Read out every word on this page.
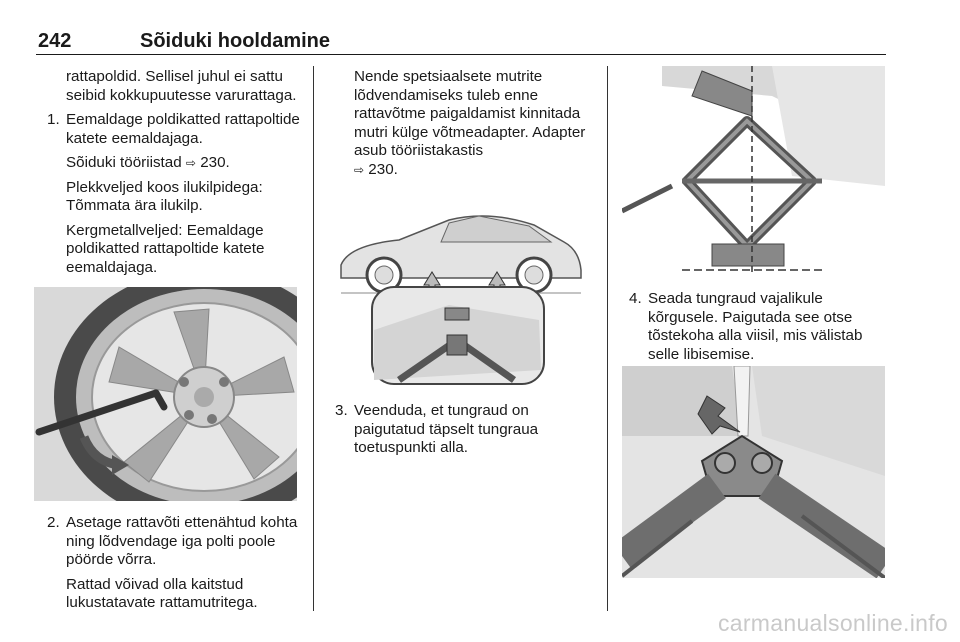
242	Sõiduki hooldamine

rattapoldid. Sellisel juhul ei sattu seibid kokkupuutesse varurattaga.

1. Eemaldage poldikatted rattapoltide katete eemaldajaga.

Sõiduki tööriistad ⇨ 230.

Plekkveljed koos ilukilpidega: Tõmmata ära ilukilp.

Kergmetallveljed: Eemaldage poldikatted rattapoltide katete eemaldajaga.

2. Asetage rattavõti ettenähtud kohta ning lõdvendage iga polti poole pöörde võrra.

Rattad võivad olla kaitstud lukustatavate rattamutritega.

Nende spetsiaalsete mutrite lõdvendamiseks tuleb enne rattavõtme paigaldamist kinnitada mutri külge võtmeadapter. Adapter asub tööriistakastis
⇨ 230.

3. Veenduda, et tungraud on paigutatud täpselt tungraua toetuspunkti alla.

4. Seada tungraud vajalikule kõrgusele. Paigutada see otse tõstekoha alla viisil, mis välistab selle libisemise.

carmanualsonline.info
